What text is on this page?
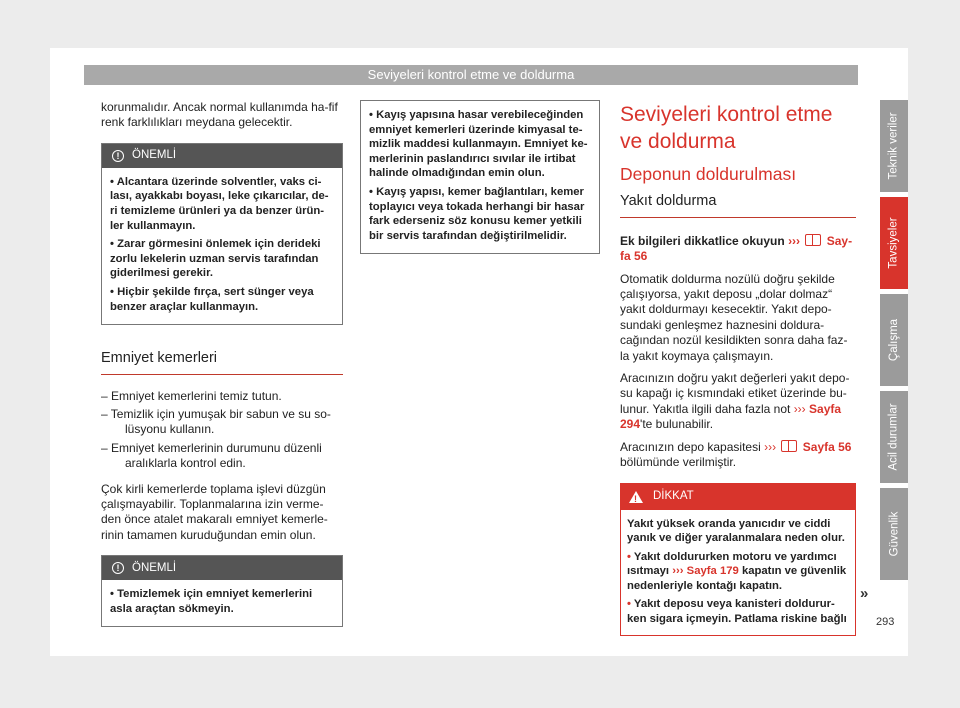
Seviyeleri kontrol etme ve doldurma

korunmalıdır. Ancak normal kullanımda ha-fif renk farklılıkları meydana gelecektir.

!	ÖNEMLİ
• Alcantara üzerinde solventler, vaks ci-lası, ayakkabı boyası, leke çıkarıcılar, de-ri temizleme ürünleri ya da benzer ürün-ler kullanmayın.
• Zarar görmesini önlemek için derideki zorlu lekelerin uzman servis tarafından giderilmesi gerekir.
• Hiçbir şekilde fırça, sert sünger veya benzer araçlar kullanmayın.
Emniyet kemerleri
– Emniyet kemerlerini temiz tutun.
– Temizlik için yumuşak bir sabun ve su so-
lüsyonu kullanın.
– Emniyet kemerlerinin durumunu düzenli
aralıklarla kontrol edin.

Çok kirli kemerlerde toplama işlevi düzgün çalışmayabilir. Toplanmalarına izin verme-den önce atalet makaralı emniyet kemerle-rinin tamamen kuruduğundan emin olun.

!	ÖNEMLİ
• Temizlemek için emniyet kemerlerini asla araçtan sökmeyin.
• Kayış yapısına hasar verebileceğinden emniyet kemerleri üzerinde kimyasal te-mizlik maddesi kullanmayın. Emniyet ke-merlerinin paslandırıcı sıvılar ile irtibat halinde olmadığından emin olun.
• Kayış yapısı, kemer bağlantıları, kemer toplayıcı veya tokada herhangi bir hasar fark ederseniz söz konusu kemer yetkili bir servis tarafından değiştirilmelidir.
Seviyeleri kontrol etme ve doldurma
Deponun doldurulması
Yakıt doldurma

Ek bilgileri dikkatlice okuyun ››› Say-fa 56

Otomatik doldurma nozülü doğru şekilde çalışıyorsa, yakıt deposu „dolar dolmaz“ yakıt doldurmayı kesecektir. Yakıt depo-sundaki genleşmez haznesini doldura-cağından nozül kesildikten sonra daha faz-la yakıt koymaya çalışmayın.

Aracınızın doğru yakıt değerleri yakıt depo-su kapağı iç kısmındaki etiket üzerinde bu-lunur. Yakıtla ilgili daha fazla not ››› Sayfa 294'te bulunabilir.

Aracınızın depo kapasitesi ››› Sayfa 56 bölümünde verilmiştir.

!
DİKKAT
Yakıt yüksek oranda yanıcıdır ve ciddi yanık ve diğer yaralanmalara neden olur.
• Yakıt doldururken motoru ve yardımcı ısıtmayı ››› Sayfa 179 kapatın ve güvenlik nedenleriyle kontağı kapatın.
• Yakıt deposu veya kanisteri doldurur-ken sigara içmeyin. Patlama riskine bağlı
»
Teknik veriler
Tavsiyeler
Çalışma
Acil durumlar
Güvenlik
293
